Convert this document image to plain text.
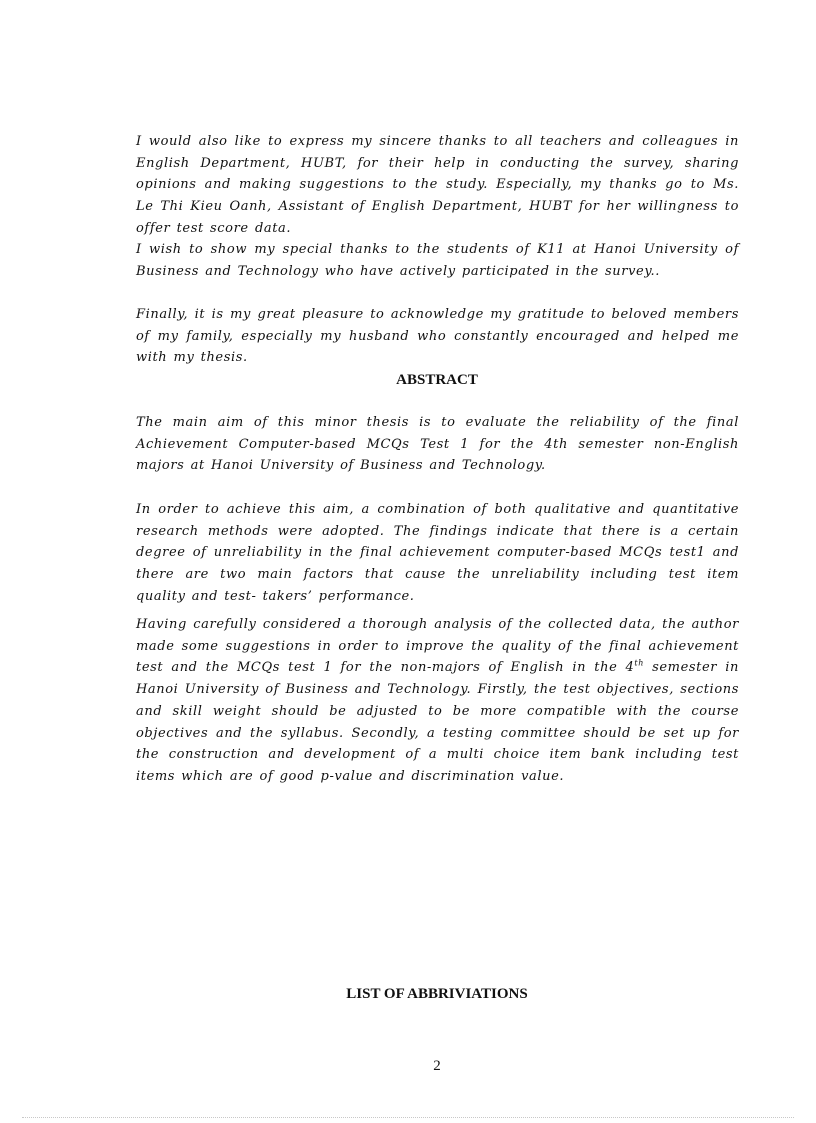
I would also like to express my sincere thanks to all teachers and colleagues in English Department, HUBT, for their help in conducting the survey, sharing opinions and making suggestions to the study. Especially, my thanks go to Ms. Le Thi Kieu Oanh, Assistant of English Department, HUBT for her willingness to offer test score data.

I wish to show my special thanks to the students of K11 at Hanoi University of Business and Technology who have actively participated in the survey..

Finally, it is my great pleasure to acknowledge my gratitude to beloved members of my family, especially my husband who constantly encouraged and helped me with my thesis.

ABSTRACT

The main aim of this minor thesis is to evaluate the reliability of the final Achievement Computer-based MCQs Test 1 for the 4th semester non-English majors at Hanoi University of Business and Technology.

In order to achieve this aim, a combination of both qualitative and quantitative research methods were adopted. The findings indicate that there is a certain degree of unreliability in the final achievement computer-based MCQs test1 and there are two main factors that cause the unreliability including test item quality and test- takers’ performance.

Having carefully considered a thorough analysis of the collected data, the author made some suggestions in order to improve the quality of the final achievement test and the MCQs test 1 for the non-majors of English in the 4th semester in Hanoi University of Business and Technology. Firstly, the test objectives, sections and skill weight should be adjusted to be more compatible with the course objectives and the syllabus. Secondly, a testing committee should be set up for the construction and development of a multi choice item bank including test items which are of good p-value and discrimination value.

LIST OF ABBRIVIATIONS
2
